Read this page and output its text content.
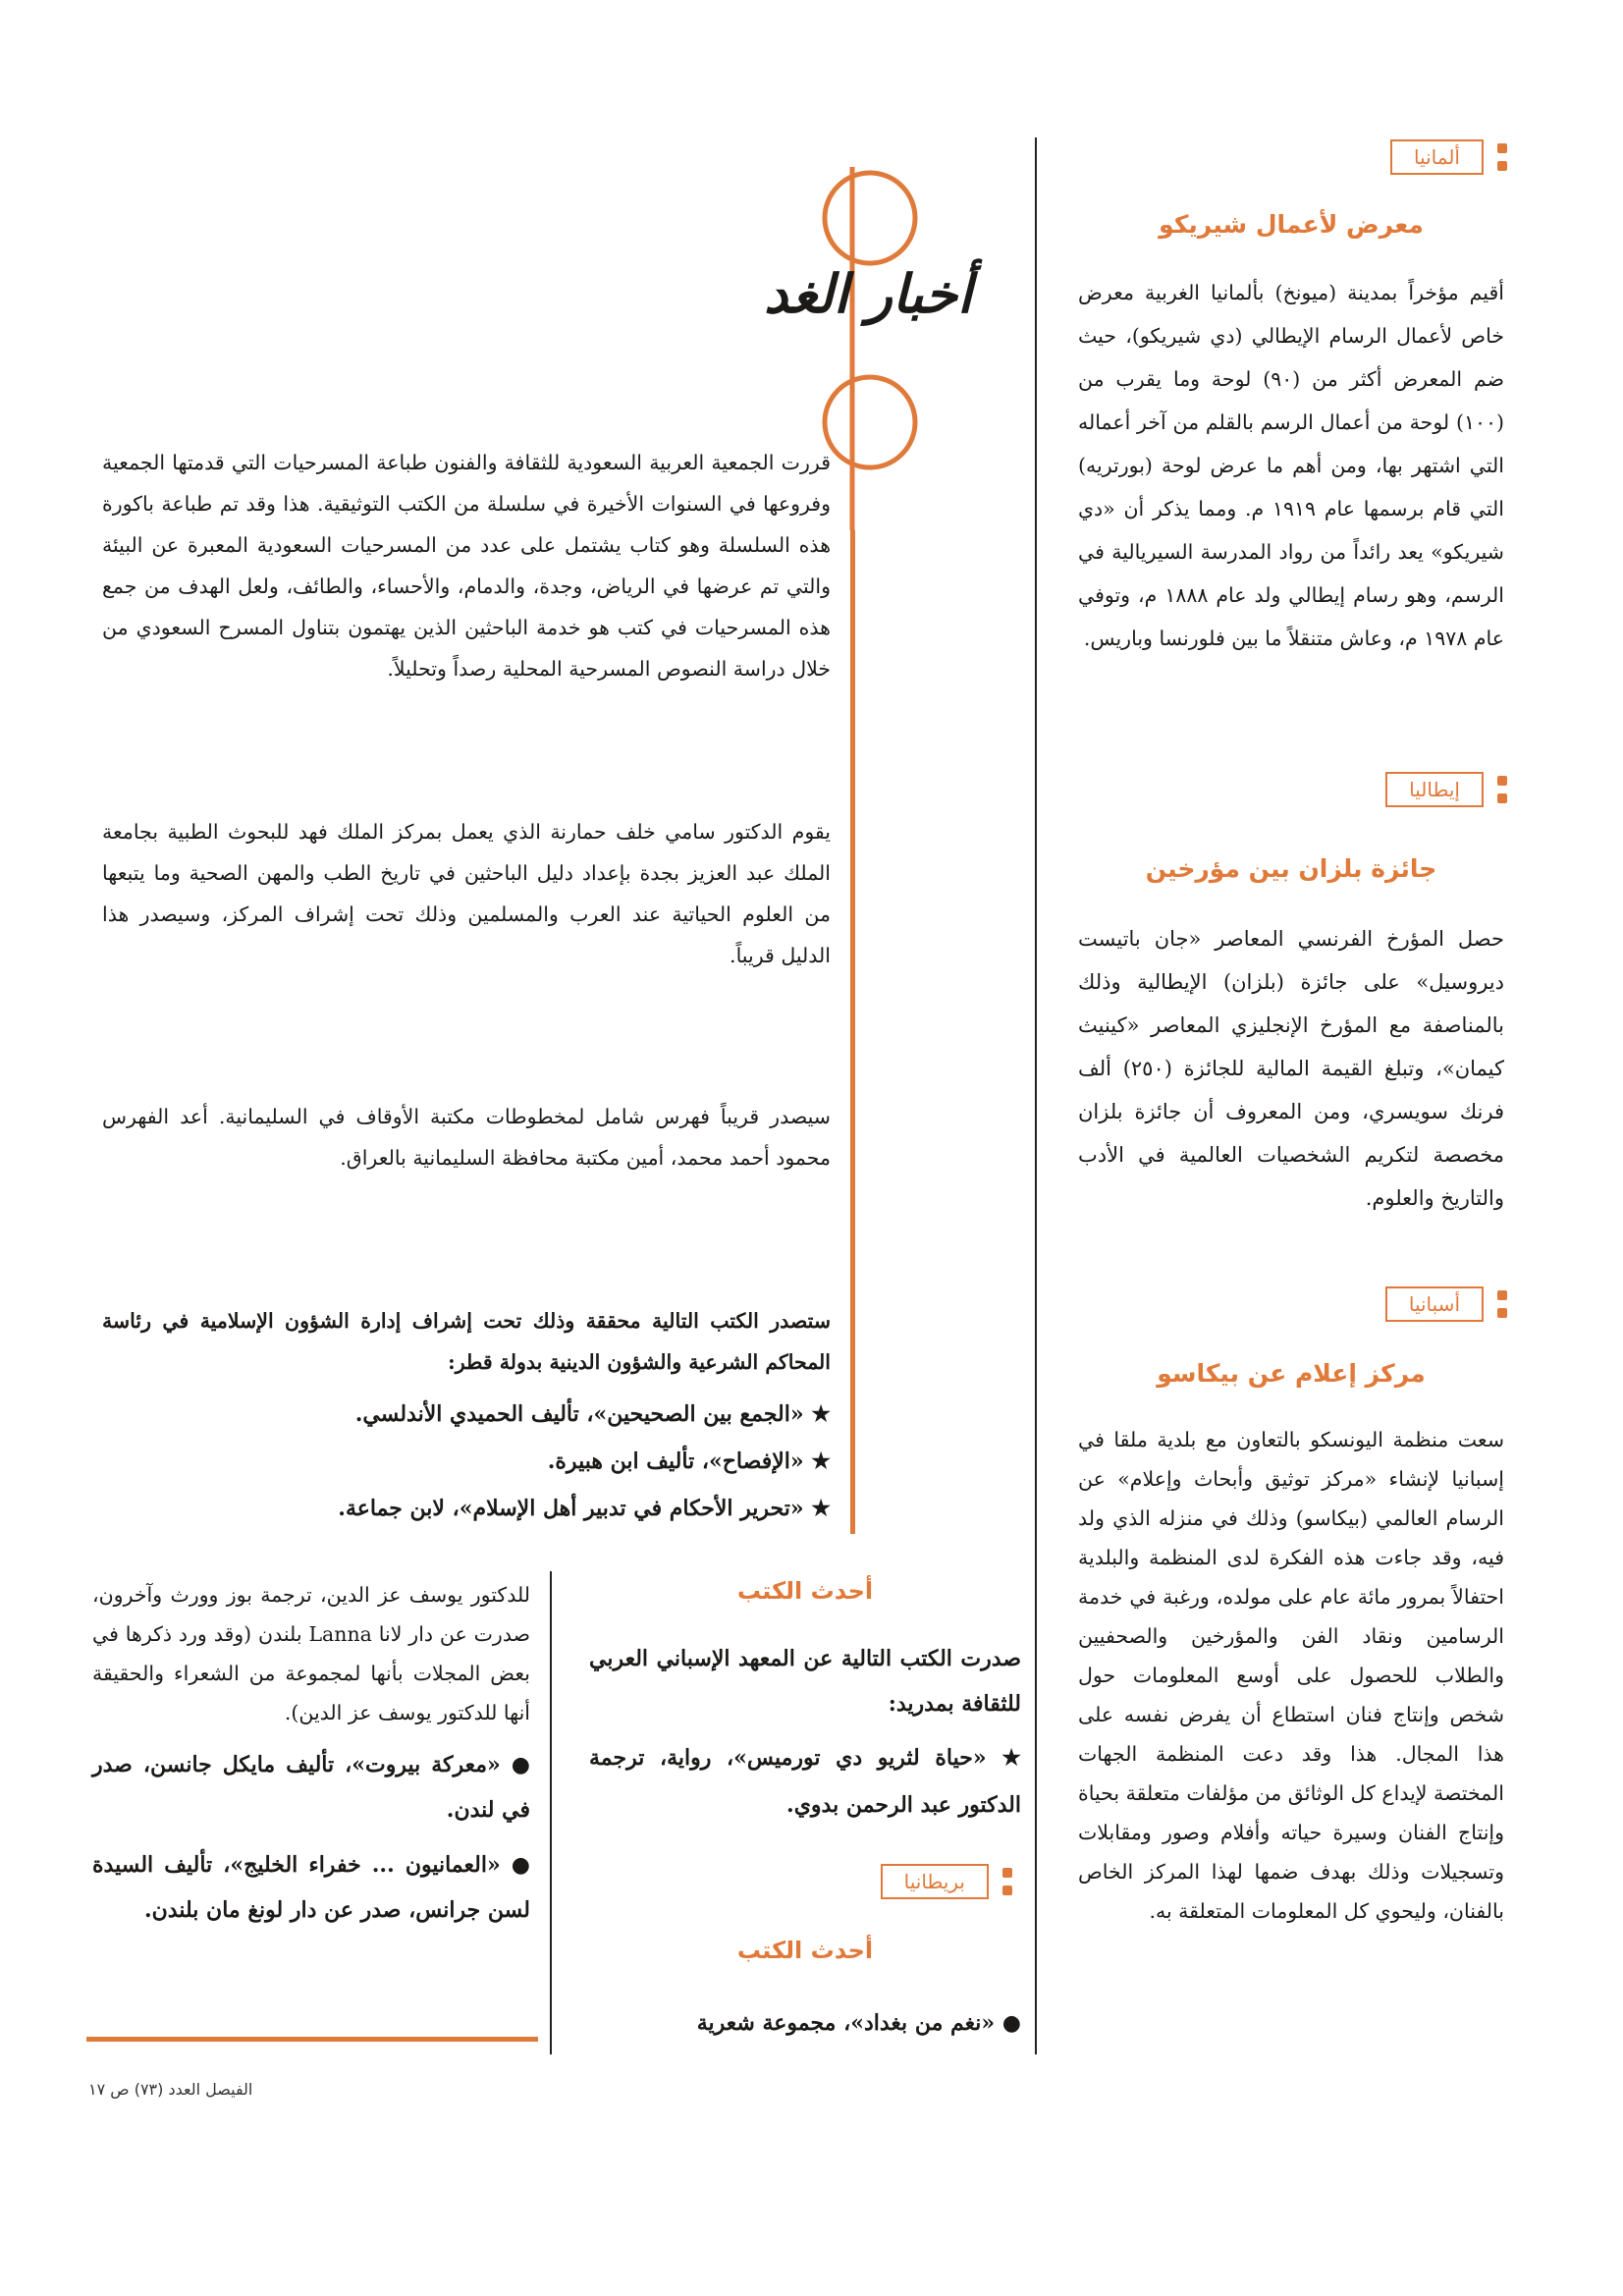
أخبار الغد
ألمانيا
معرض لأعمال شيريكو

أقيم مؤخراً بمدينة (ميونخ) بألمانيا الغربية معرض خاص لأعمال الرسام الإيطالي (دي شيريكو)، حيث ضم المعرض أكثر من (٩٠) لوحة وما يقرب من (١٠٠) لوحة من أعمال الرسم بالقلم من آخر أعماله التي اشتهر بها، ومن أهم ما عرض لوحة (بورتريه) التي قام برسمها عام ١٩١٩ م. ومما يذكر أن «دي شيريكو» يعد رائداً من رواد المدرسة السيريالية في الرسم، وهو رسام إيطالي ولد عام ١٨٨٨ م، وتوفي عام ١٩٧٨ م، وعاش متنقلاً ما بين فلورنسا وباريس.

إيطاليا
جائزة بلزان بين مؤرخين

حصل المؤرخ الفرنسي المعاصر «جان باتيست ديروسيل» على جائزة (بلزان) الإيطالية وذلك بالمناصفة مع المؤرخ الإنجليزي المعاصر «كينيث كيمان»، وتبلغ القيمة المالية للجائزة (٢٥٠) ألف فرنك سويسري، ومن المعروف أن جائزة بلزان مخصصة لتكريم الشخصيات العالمية في الأدب والتاريخ والعلوم.

أسبانيا
مركز إعلام عن بيكاسو

سعت منظمة اليونسكو بالتعاون مع بلدية ملقا في إسبانيا لإنشاء «مركز توثيق وأبحاث وإعلام» عن الرسام العالمي (بيكاسو) وذلك في منزله الذي ولد فيه، وقد جاءت هذه الفكرة لدى المنظمة والبلدية احتفالاً بمرور مائة عام على مولده، ورغبة في خدمة الرسامين ونقاد الفن والمؤرخين والصحفيين والطلاب للحصول على أوسع المعلومات حول شخص وإنتاج فنان استطاع أن يفرض نفسه على هذا المجال. هذا وقد دعت المنظمة الجهات المختصة لإيداع كل الوثائق من مؤلفات متعلقة بحياة وإنتاج الفنان وسيرة حياته وأفلام وصور ومقابلات وتسجيلات وذلك بهدف ضمها لهذا المركز الخاص بالفنان، وليحوي كل المعلومات المتعلقة به.

قررت الجمعية العربية السعودية للثقافة والفنون طباعة المسرحيات التي قدمتها الجمعية وفروعها في السنوات الأخيرة في سلسلة من الكتب التوثيقية. هذا وقد تم طباعة باكورة هذه السلسلة وهو كتاب يشتمل على عدد من المسرحيات السعودية المعبرة عن البيئة والتي تم عرضها في الرياض، وجدة، والدمام، والأحساء، والطائف، ولعل الهدف من جمع هذه المسرحيات في كتب هو خدمة الباحثين الذين يهتمون بتناول المسرح السعودي من خلال دراسة النصوص المسرحية المحلية رصداً وتحليلاً.

يقوم الدكتور سامي خلف حمارنة الذي يعمل بمركز الملك فهد للبحوث الطبية بجامعة الملك عبد العزيز بجدة بإعداد دليل الباحثين في تاريخ الطب والمهن الصحية وما يتبعها من العلوم الحياتية عند العرب والمسلمين وذلك تحت إشراف المركز، وسيصدر هذا الدليل قريباً.

سيصدر قريباً فهرس شامل لمخطوطات مكتبة الأوقاف في السليمانية. أعد الفهرس محمود أحمد محمد، أمين مكتبة محافظة السليمانية بالعراق.

ستصدر الكتب التالية محققة وذلك تحت إشراف إدارة الشؤون الإسلامية في رئاسة المحاكم الشرعية والشؤون الدينية بدولة قطر:

★ «الجمع بين الصحيحين»، تأليف الحميدي الأندلسي.

★ «الإفصاح»، تأليف ابن هبيرة.

★ «تحرير الأحكام في تدبير أهل الإسلام»، لابن جماعة.

أحدث الكتب

صدرت الكتب التالية عن المعهد الإسباني العربي للثقافة بمدريد:

★ «حياة لثريو دي تورميس»، رواية، ترجمة الدكتور عبد الرحمن بدوي.

بريطانيا
أحدث الكتب

● «نغم من بغداد»، مجموعة شعرية

للدكتور يوسف عز الدين، ترجمة بوز وورث وآخرون، صدرت عن دار لانا Lanna بلندن (وقد ورد ذكرها في بعض المجلات بأنها لمجموعة من الشعراء والحقيقة أنها للدكتور يوسف عز الدين).

● «معركة بيروت»، تأليف مايكل جانسن، صدر في لندن.

● «العمانيون ... خفراء الخليج»، تأليف السيدة لسن جرانس، صدر عن دار لونغ مان بلندن.

الفيصل العدد (٧٣) ص ١٧
